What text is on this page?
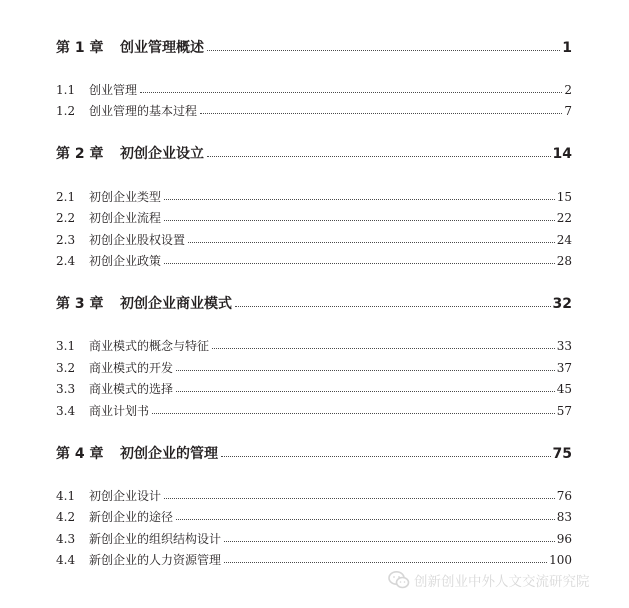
第 1 章	创业管理概述	1
1.1	创业管理	2
1.2	创业管理的基本过程	7
第 2 章	初创企业设立	14
2.1	初创企业类型	15
2.2	初创企业流程	22
2.3	初创企业股权设置	24
2.4	初创企业政策	28
第 3 章	初创企业商业模式	32
3.1	商业模式的概念与特征	33
3.2	商业模式的开发	37
3.3	商业模式的选择	45
3.4	商业计划书	57
第 4 章	初创企业的管理	75
4.1	初创企业设计	76
4.2	新创企业的途径	83
4.3	新创企业的组织结构设计	96
4.4	新创企业的人力资源管理	100
创新创业中外人文交流研究院
